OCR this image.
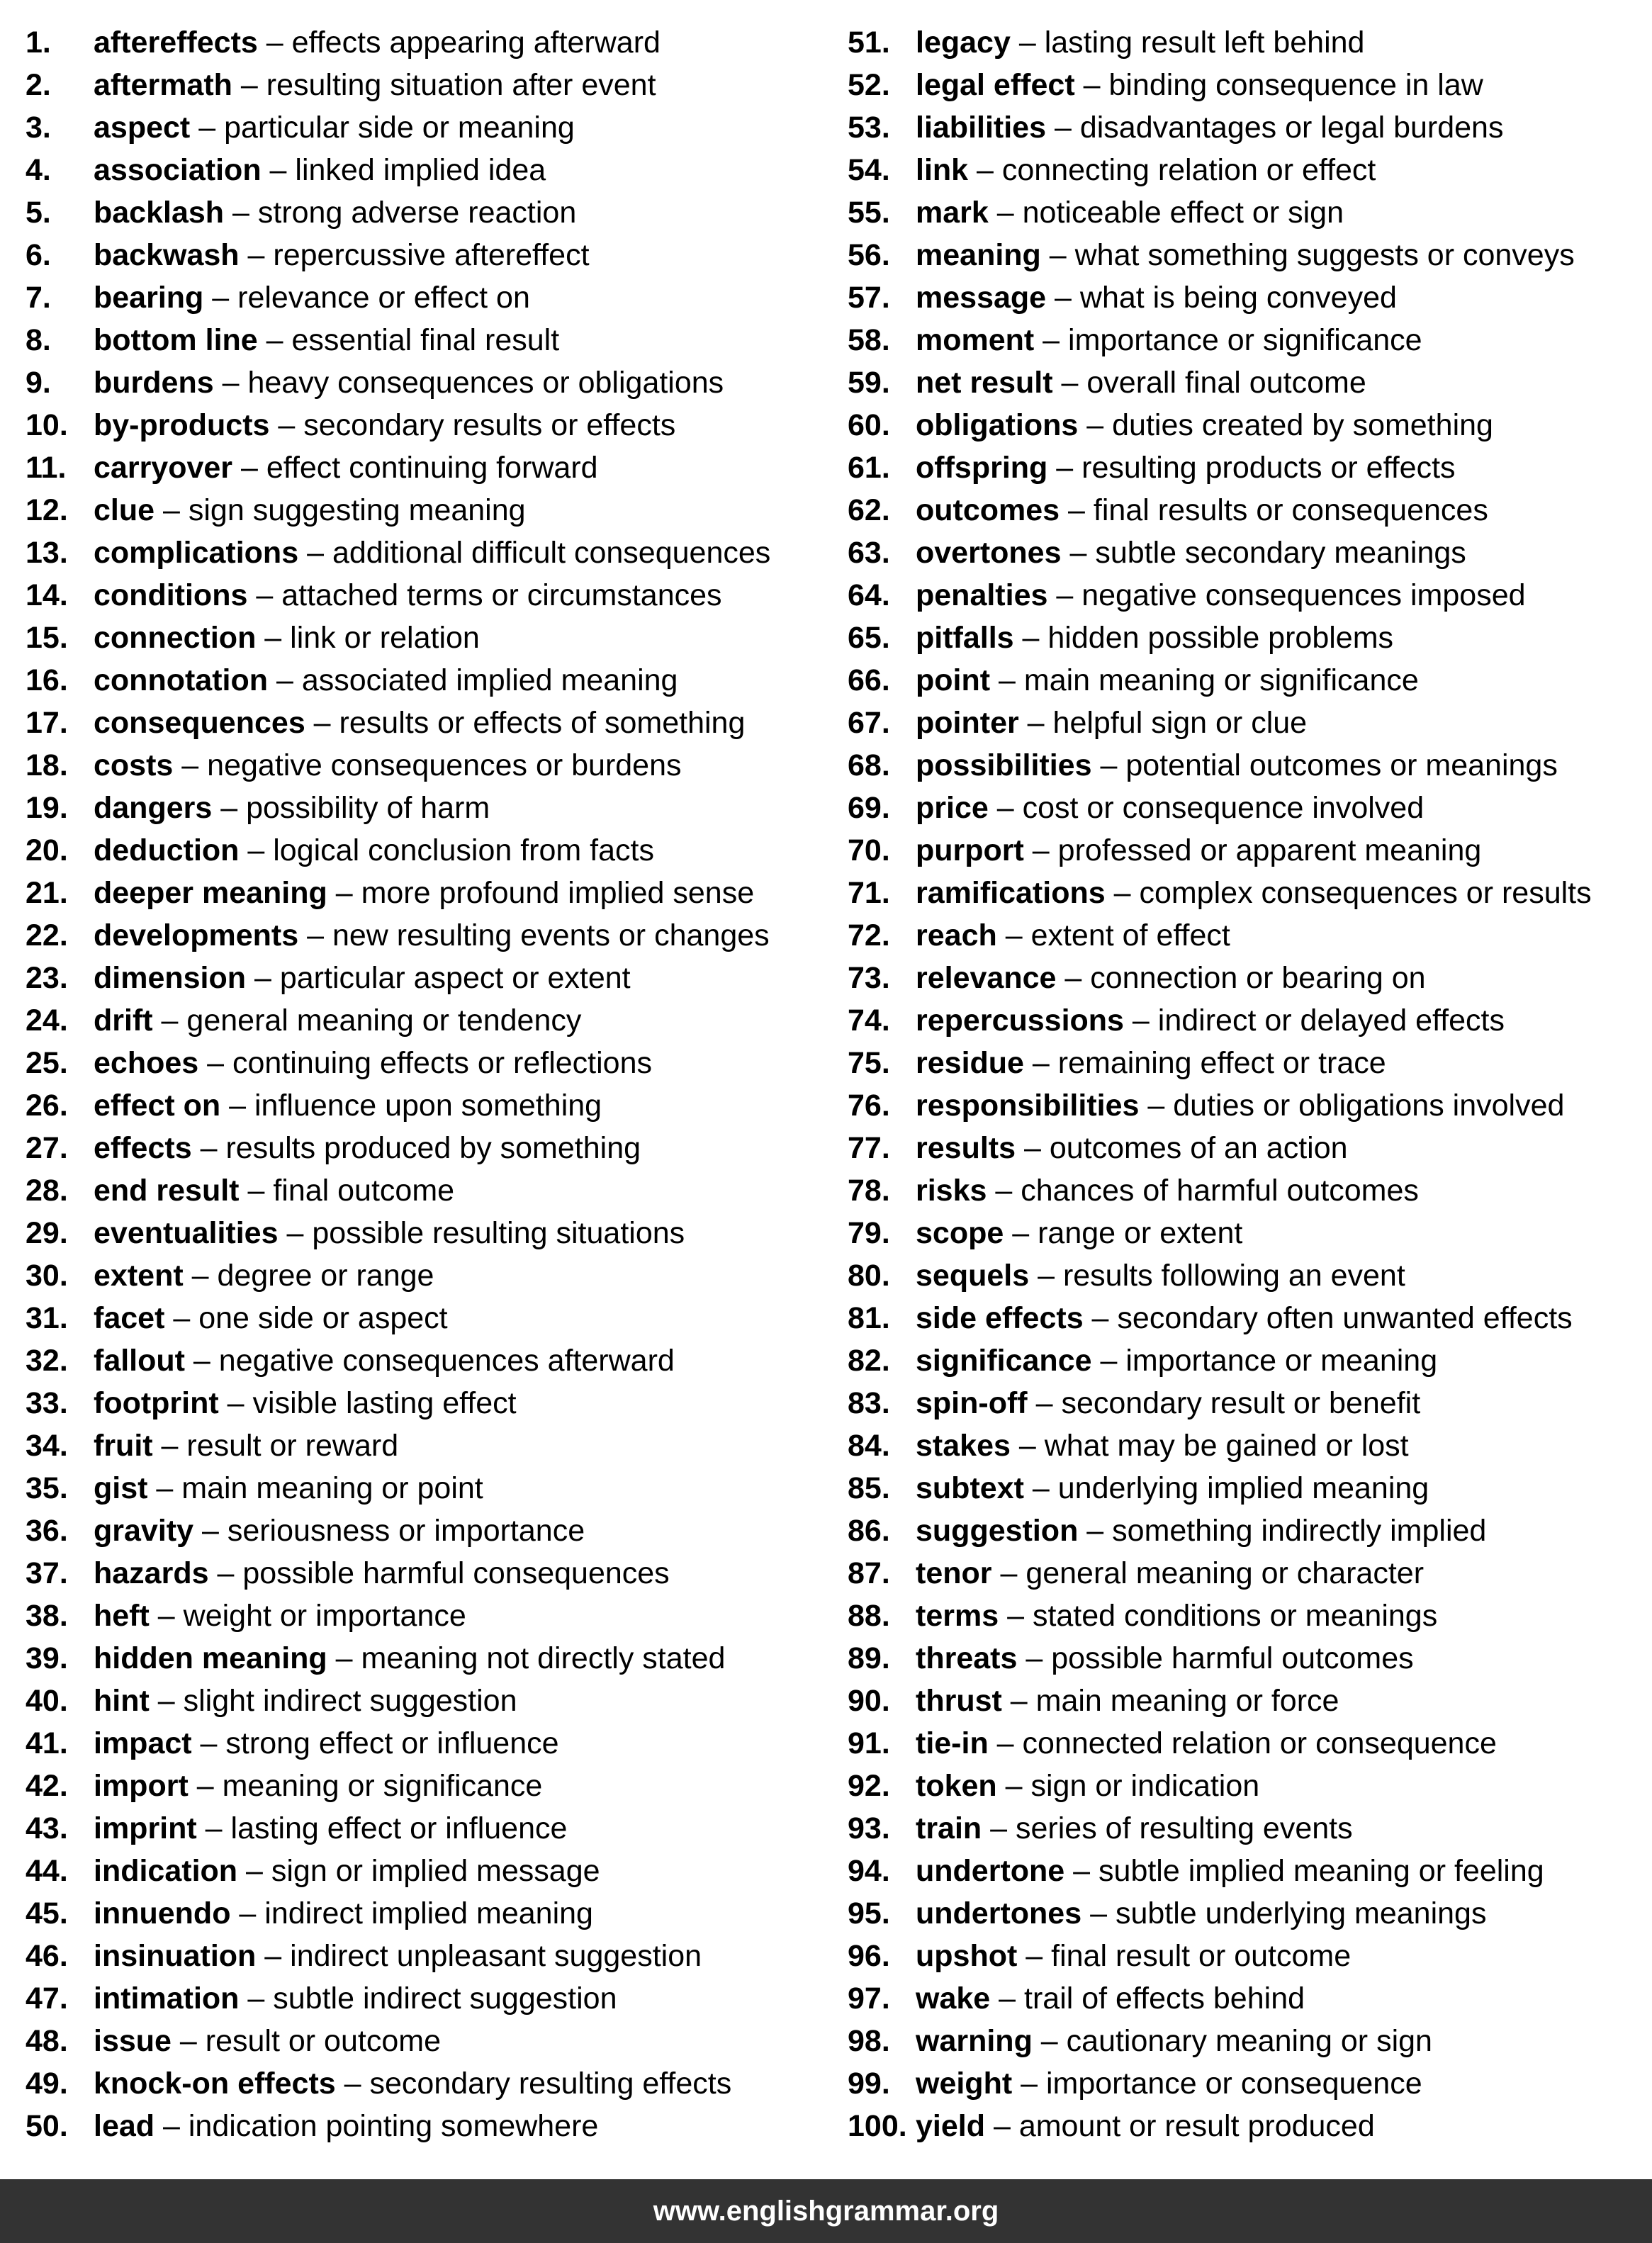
1. aftereffects – effects appearing afterward
2. aftermath – resulting situation after event
3. aspect – particular side or meaning
4. association – linked implied idea
5. backlash – strong adverse reaction
6. backwash – repercussive aftereffect
7. bearing – relevance or effect on
8. bottom line – essential final result
9. burdens – heavy consequences or obligations
10. by-products – secondary results or effects
11. carryover – effect continuing forward
12. clue – sign suggesting meaning
13. complications – additional difficult consequences
14. conditions – attached terms or circumstances
15. connection – link or relation
16. connotation – associated implied meaning
17. consequences – results or effects of something
18. costs – negative consequences or burdens
19. dangers – possibility of harm
20. deduction – logical conclusion from facts
21. deeper meaning – more profound implied sense
22. developments – new resulting events or changes
23. dimension – particular aspect or extent
24. drift – general meaning or tendency
25. echoes – continuing effects or reflections
26. effect on – influence upon something
27. effects – results produced by something
28. end result – final outcome
29. eventualities – possible resulting situations
30. extent – degree or range
31. facet – one side or aspect
32. fallout – negative consequences afterward
33. footprint – visible lasting effect
34. fruit – result or reward
35. gist – main meaning or point
36. gravity – seriousness or importance
37. hazards – possible harmful consequences
38. heft – weight or importance
39. hidden meaning – meaning not directly stated
40. hint – slight indirect suggestion
41. impact – strong effect or influence
42. import – meaning or significance
43. imprint – lasting effect or influence
44. indication – sign or implied message
45. innuendo – indirect implied meaning
46. insinuation – indirect unpleasant suggestion
47. intimation – subtle indirect suggestion
48. issue – result or outcome
49. knock-on effects – secondary resulting effects
50. lead – indication pointing somewhere
51. legacy – lasting result left behind
52. legal effect – binding consequence in law
53. liabilities – disadvantages or legal burdens
54. link – connecting relation or effect
55. mark – noticeable effect or sign
56. meaning – what something suggests or conveys
57. message – what is being conveyed
58. moment – importance or significance
59. net result – overall final outcome
60. obligations – duties created by something
61. offspring – resulting products or effects
62. outcomes – final results or consequences
63. overtones – subtle secondary meanings
64. penalties – negative consequences imposed
65. pitfalls – hidden possible problems
66. point – main meaning or significance
67. pointer – helpful sign or clue
68. possibilities – potential outcomes or meanings
69. price – cost or consequence involved
70. purport – professed or apparent meaning
71. ramifications – complex consequences or results
72. reach – extent of effect
73. relevance – connection or bearing on
74. repercussions – indirect or delayed effects
75. residue – remaining effect or trace
76. responsibilities – duties or obligations involved
77. results – outcomes of an action
78. risks – chances of harmful outcomes
79. scope – range or extent
80. sequels – results following an event
81. side effects – secondary often unwanted effects
82. significance – importance or meaning
83. spin-off – secondary result or benefit
84. stakes – what may be gained or lost
85. subtext – underlying implied meaning
86. suggestion – something indirectly implied
87. tenor – general meaning or character
88. terms – stated conditions or meanings
89. threats – possible harmful outcomes
90. thrust – main meaning or force
91. tie-in – connected relation or consequence
92. token – sign or indication
93. train – series of resulting events
94. undertone – subtle implied meaning or feeling
95. undertones – subtle underlying meanings
96. upshot – final result or outcome
97. wake – trail of effects behind
98. warning – cautionary meaning or sign
99. weight – importance or consequence
100. yield – amount or result produced
www.englishgrammar.org
